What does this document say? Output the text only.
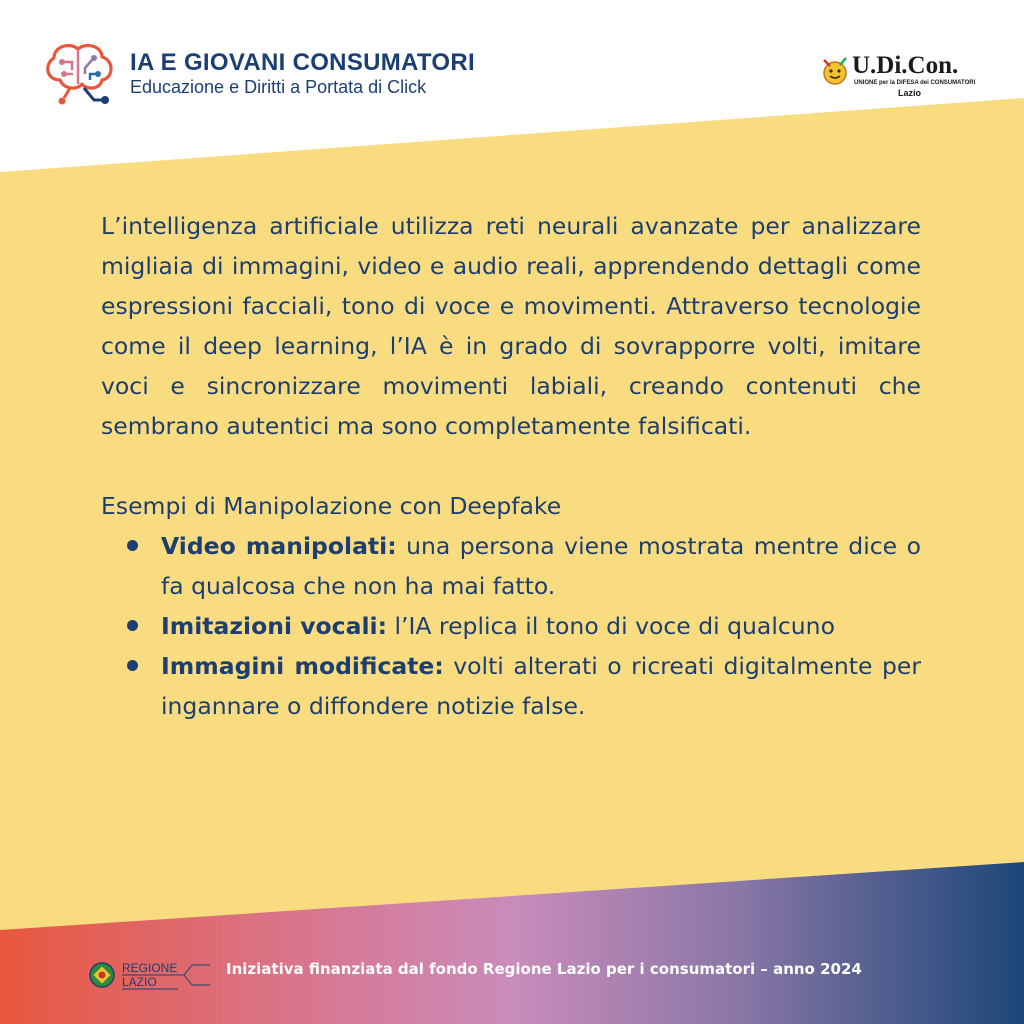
IA E GIOVANI CONSUMATORI
Educazione e Diritti a Portata di Click
U.Di.Con.
UNIONE per la DIFESA dei CONSUMATORI
Lazio

L’intelligenza artificiale utilizza reti neurali avanzate per analizzare migliaia di immagini, video e audio reali, apprendendo dettagli come espressioni facciali, tono di voce e movimenti. Attraverso tecnologie come il deep learning, l’IA è in grado di sovrapporre volti, imitare voci e sincronizzare movimenti labiali, creando contenuti che sembrano autentici ma sono completamente falsificati.

Esempi di Manipolazione con Deepfake

Video manipolati: una persona viene mostrata mentre dice o fa qualcosa che non ha mai fatto.
Imitazioni vocali: l’IA replica il tono di voce di qualcuno
Immagini modificate: volti alterati o ricreati digitalmente per ingannare o diffondere notizie false.
REGIONE
LAZIO
Iniziativa finanziata dal fondo Regione Lazio per i consumatori – anno 2024
